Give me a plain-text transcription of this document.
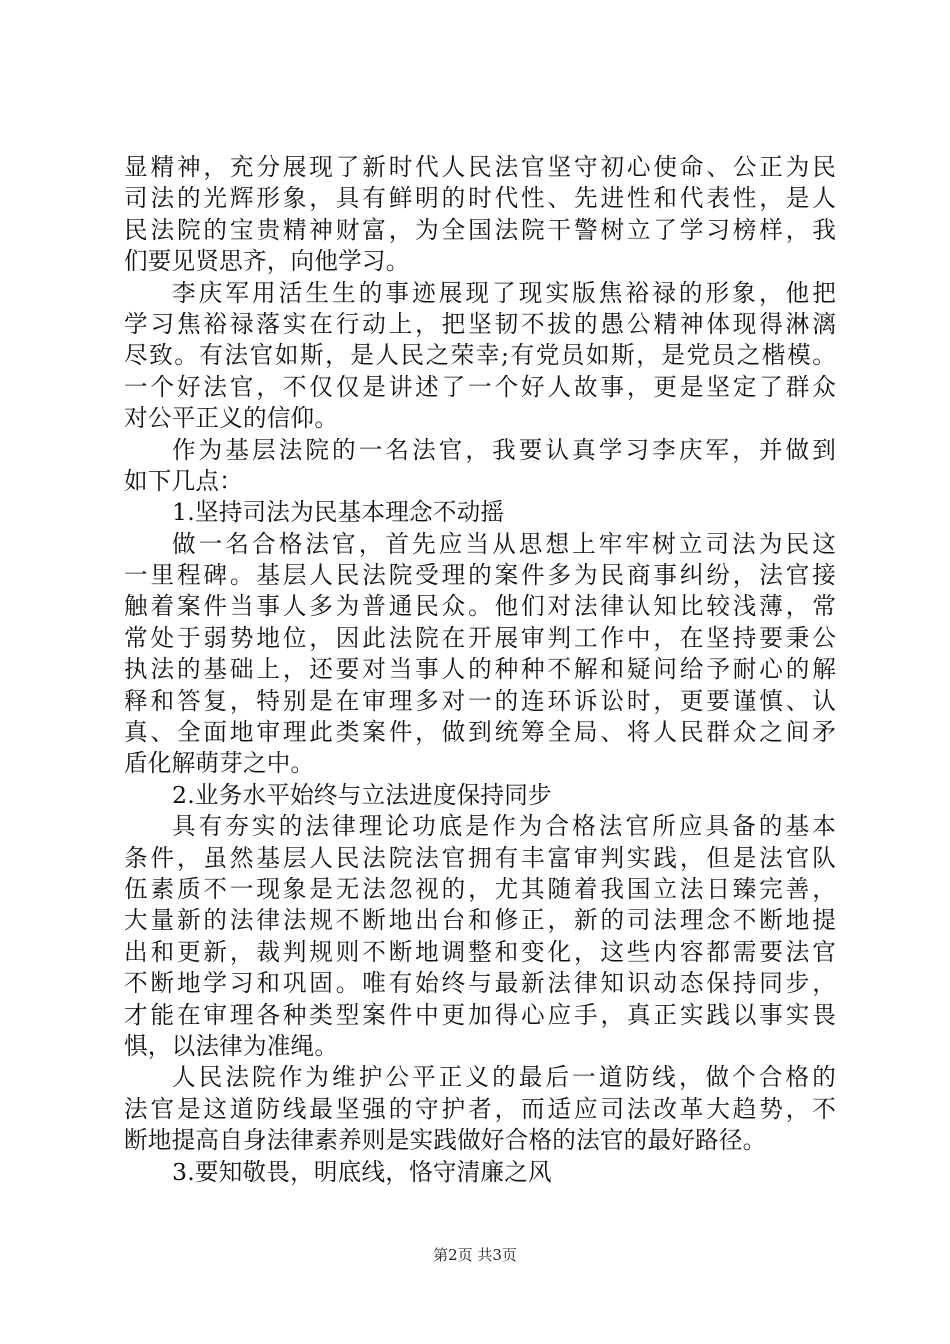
显精神，充分展现了新时代人民法官坚守初心使命、公正为民
司法的光辉形象，具有鲜明的时代性、先进性和代表性，是人
民法院的宝贵精神财富，为全国法院干警树立了学习榜样，我
们要见贤思齐，向他学习。
李庆军用活生生的事迹展现了现实版焦裕禄的形象，他把
学习焦裕禄落实在行动上，把坚韧不拔的愚公精神体现得淋漓
尽致。有法官如斯，是人民之荣幸;有党员如斯，是党员之楷模。
一个好法官，不仅仅是讲述了一个好人故事，更是坚定了群众
对公平正义的信仰。
作为基层法院的一名法官，我要认真学习李庆军，并做到
如下几点：
1.坚持司法为民基本理念不动摇
做一名合格法官，首先应当从思想上牢牢树立司法为民这
一里程碑。基层人民法院受理的案件多为民商事纠纷，法官接
触着案件当事人多为普通民众。他们对法律认知比较浅薄，常
常处于弱势地位，因此法院在开展审判工作中，在坚持要秉公
执法的基础上，还要对当事人的种种不解和疑问给予耐心的解
释和答复，特别是在审理多对一的连环诉讼时，更要谨慎、认
真、全面地审理此类案件，做到统筹全局、将人民群众之间矛
盾化解萌芽之中。
2.业务水平始终与立法进度保持同步
具有夯实的法律理论功底是作为合格法官所应具备的基本
条件，虽然基层人民法院法官拥有丰富审判实践，但是法官队
伍素质不一现象是无法忽视的，尤其随着我国立法日臻完善，
大量新的法律法规不断地出台和修正，新的司法理念不断地提
出和更新，裁判规则不断地调整和变化，这些内容都需要法官
不断地学习和巩固。唯有始终与最新法律知识动态保持同步，
才能在审理各种类型案件中更加得心应手，真正实践以事实畏
惧，以法律为准绳。
人民法院作为维护公平正义的最后一道防线，做个合格的
法官是这道防线最坚强的守护者，而适应司法改革大趋势，不
断地提高自身法律素养则是实践做好合格的法官的最好路径。
3.要知敬畏，明底线，恪守清廉之风
第2页 共3页
